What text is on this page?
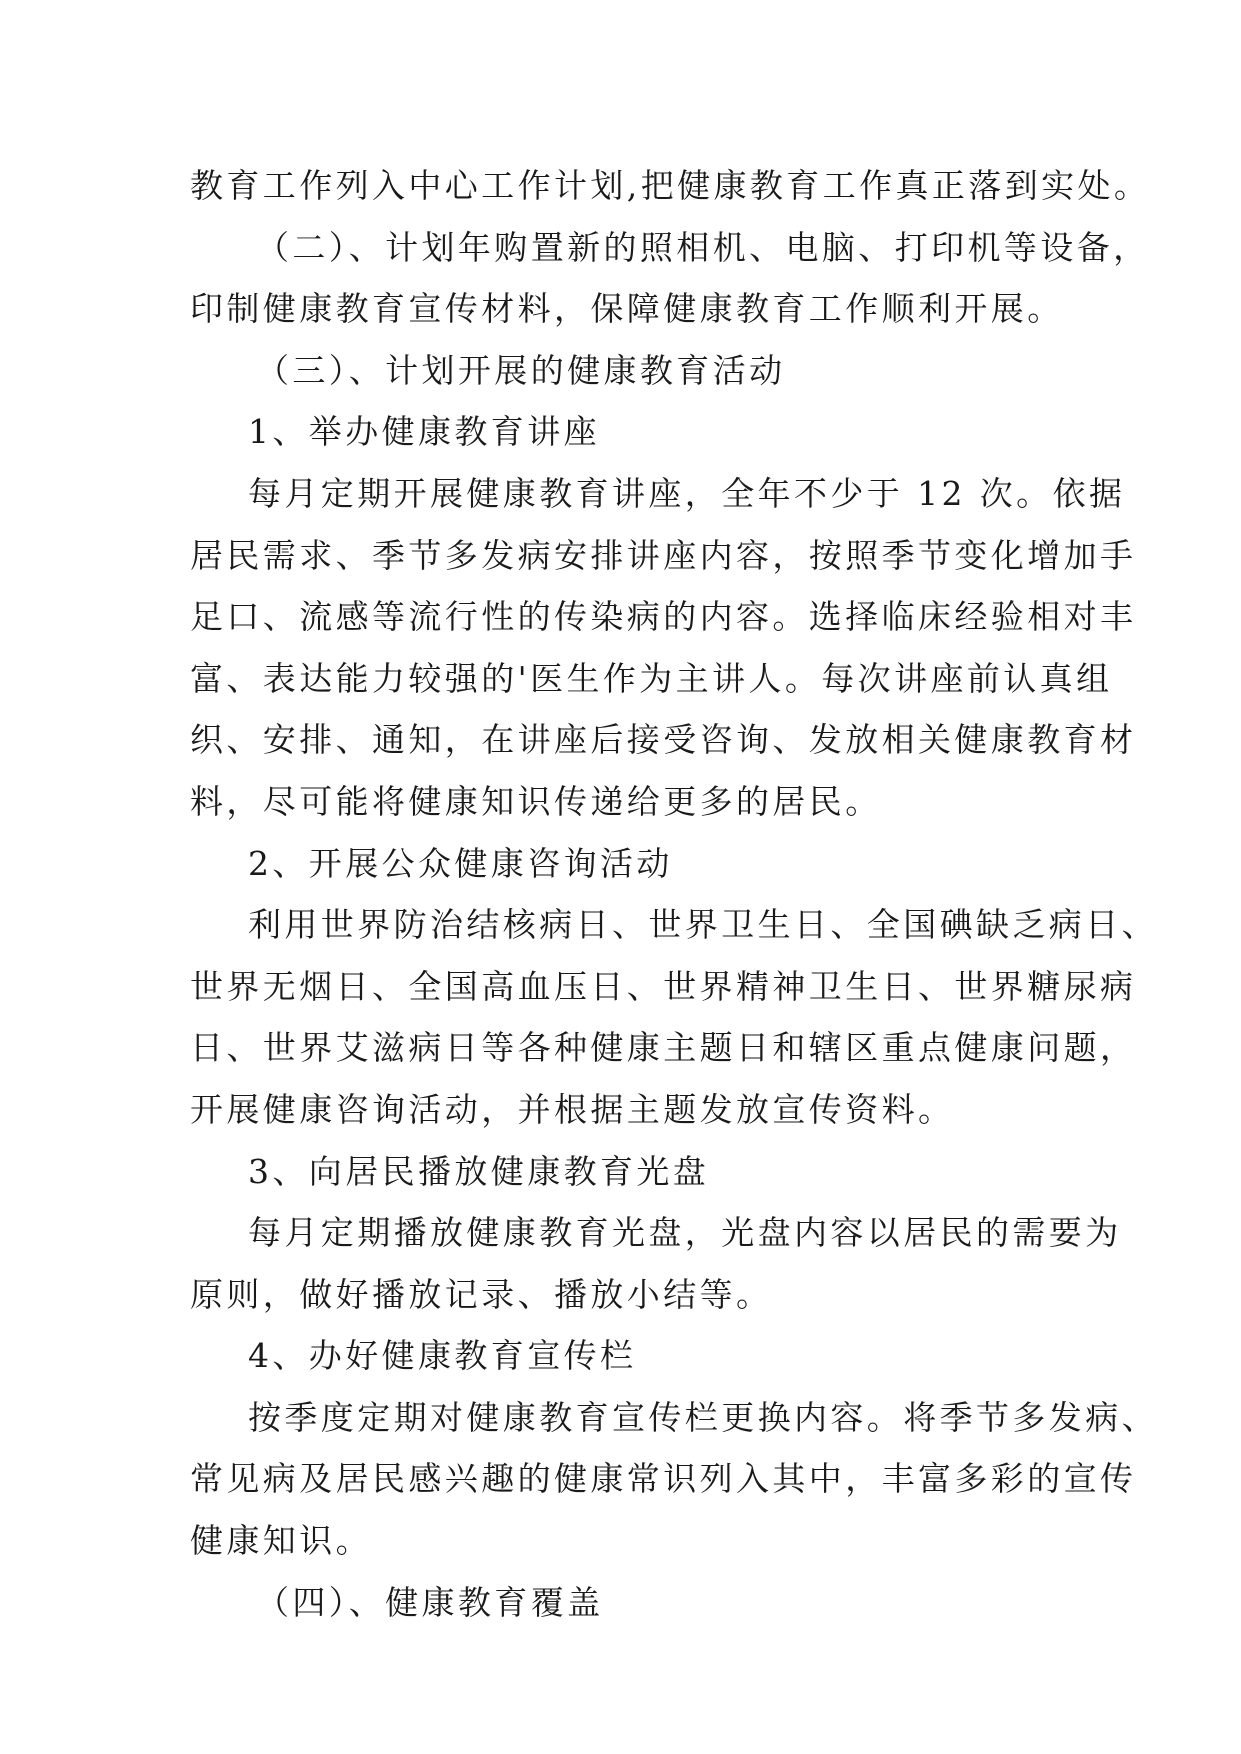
教育工作列入中心工作计划,把健康教育工作真正落到实处。

（二）、计划年购置新的照相机、电脑、打印机等设备，

印制健康教育宣传材料，保障健康教育工作顺利开展。

（三）、计划开展的健康教育活动

1、举办健康教育讲座

每月定期开展健康教育讲座，全年不少于 12 次。依据

居民需求、季节多发病安排讲座内容，按照季节变化增加手

足口、流感等流行性的传染病的内容。选择临床经验相对丰

富、表达能力较强的'医生作为主讲人。每次讲座前认真组

织、安排、通知，在讲座后接受咨询、发放相关健康教育材

料，尽可能将健康知识传递给更多的居民。

2、开展公众健康咨询活动

利用世界防治结核病日、世界卫生日、全国碘缺乏病日、

世界无烟日、全国高血压日、世界精神卫生日、世界糖尿病

日、世界艾滋病日等各种健康主题日和辖区重点健康问题，

开展健康咨询活动，并根据主题发放宣传资料。

3、向居民播放健康教育光盘

每月定期播放健康教育光盘，光盘内容以居民的需要为

原则，做好播放记录、播放小结等。

4、办好健康教育宣传栏

按季度定期对健康教育宣传栏更换内容。将季节多发病、

常见病及居民感兴趣的健康常识列入其中，丰富多彩的宣传

健康知识。

（四）、健康教育覆盖
